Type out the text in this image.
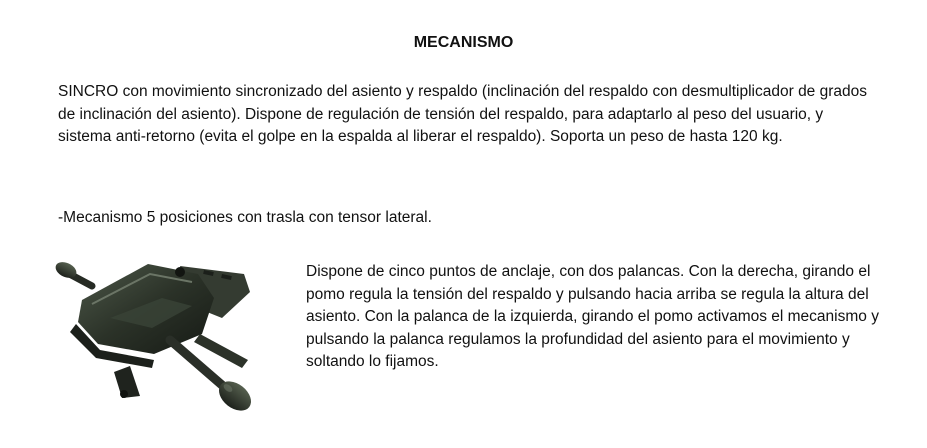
MECANISMO

SINCRO con movimiento sincronizado del asiento y respaldo (inclinación del respaldo con desmultiplicador de grados de inclinación del asiento). Dispone de regulación de tensión del respaldo, para adaptarlo al peso del usuario, y sistema anti-retorno (evita el golpe en la espalda al liberar el respaldo). Soporta un peso de hasta 120 kg.

-Mecanismo 5 posiciones con trasla con tensor lateral.

Dispone de cinco puntos de anclaje, con dos palancas. Con la derecha, girando el pomo regula la tensión del respaldo y pulsando hacia arriba se regula la altura del asiento. Con la palanca de la izquierda, girando el pomo activamos el mecanismo y pulsando la palanca regulamos la profundidad del asiento para el movimiento y soltando lo fijamos.
